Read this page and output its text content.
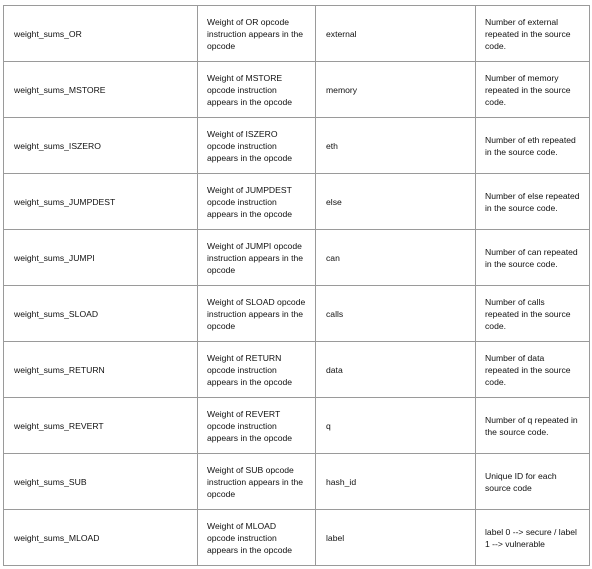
weight_sums_OR	Weight of OR opcode instruction appears in the opcode	external	Number of external repeated in the source code.
weight_sums_MSTORE	Weight of MSTORE opcode instruction appears in the opcode	memory	Number of memory repeated in the source code.
weight_sums_ISZERO	Weight of ISZERO opcode instruction appears in the opcode	eth	Number of eth repeated in the source code.
weight_sums_JUMPDEST	Weight of JUMPDEST opcode instruction appears in the opcode	else	Number of else repeated in the source code.
weight_sums_JUMPI	Weight of JUMPI opcode instruction appears in the opcode	can	Number of can repeated in the source code.
weight_sums_SLOAD	Weight of SLOAD opcode instruction appears in the opcode	calls	Number of calls repeated in the source code.
weight_sums_RETURN	Weight of RETURN opcode instruction appears in the opcode	data	Number of data repeated in the source code.
weight_sums_REVERT	Weight of REVERT opcode instruction appears in the opcode	q	Number of q repeated in the source code.
weight_sums_SUB	Weight of SUB opcode instruction appears in the opcode	hash_id	Unique ID for each source code
weight_sums_MLOAD	Weight of MLOAD opcode instruction appears in the opcode	label	label 0 --> secure / label 1 --> vulnerable
